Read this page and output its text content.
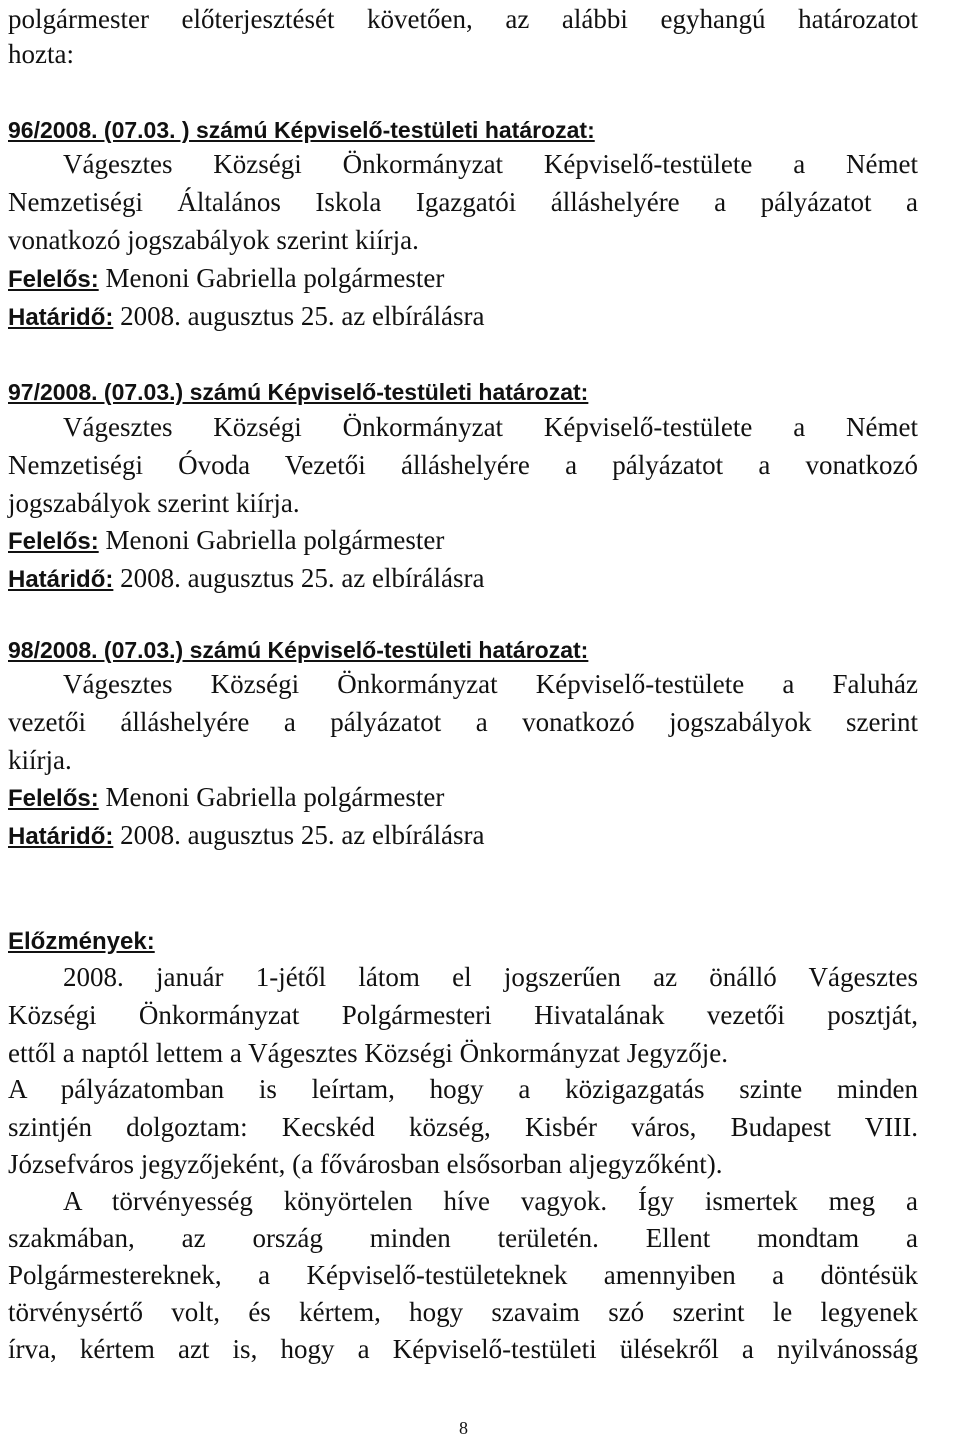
polgármester előterjesztését követően, az alábbi egyhangú határozatot
hozta:
96/2008. (07.03. ) számú Képviselő-testületi határozat:
Vágesztes Községi Önkormányzat Képviselő-testülete a Német
Nemzetiségi Általános Iskola Igazgatói álláshelyére a pályázatot a
vonatkozó jogszabályok szerint kiírja.
Felelős: Menoni Gabriella polgármester
Határidő: 2008. augusztus 25. az elbírálásra
97/2008. (07.03.) számú Képviselő-testületi határozat:
Vágesztes Községi Önkormányzat Képviselő-testülete a Német
Nemzetiségi Óvoda Vezetői álláshelyére a pályázatot a vonatkozó
jogszabályok szerint kiírja.
Felelős: Menoni Gabriella polgármester
Határidő: 2008. augusztus 25. az elbírálásra
98/2008. (07.03.) számú Képviselő-testületi határozat:
Vágesztes Községi Önkormányzat Képviselő-testülete a Faluház
vezetői álláshelyére a pályázatot a vonatkozó jogszabályok szerint
kiírja.
Felelős: Menoni Gabriella polgármester
Határidő: 2008. augusztus 25. az elbírálásra
Előzmények:
2008. január 1-jétől látom el jogszerűen az önálló Vágesztes
Községi Önkormányzat Polgármesteri Hivatalának vezetői posztját,
ettől a naptól lettem a Vágesztes Községi Önkormányzat Jegyzője.
A pályázatomban is leírtam, hogy a közigazgatás szinte minden
szintjén dolgoztam: Kecskéd község, Kisbér város, Budapest VIII.
Józsefváros jegyzőjeként, (a fővárosban elsősorban aljegyzőként).
A törvényesség könyörtelen híve vagyok. Így ismertek meg a
szakmában, az ország minden területén. Ellent mondtam a
Polgármestereknek, a Képviselő-testületeknek amennyiben a döntésük
törvénysértő volt, és kértem, hogy szavaim szó szerint le legyenek
írva, kértem azt is, hogy a Képviselő-testületi ülésekről a nyilvánosság
8
